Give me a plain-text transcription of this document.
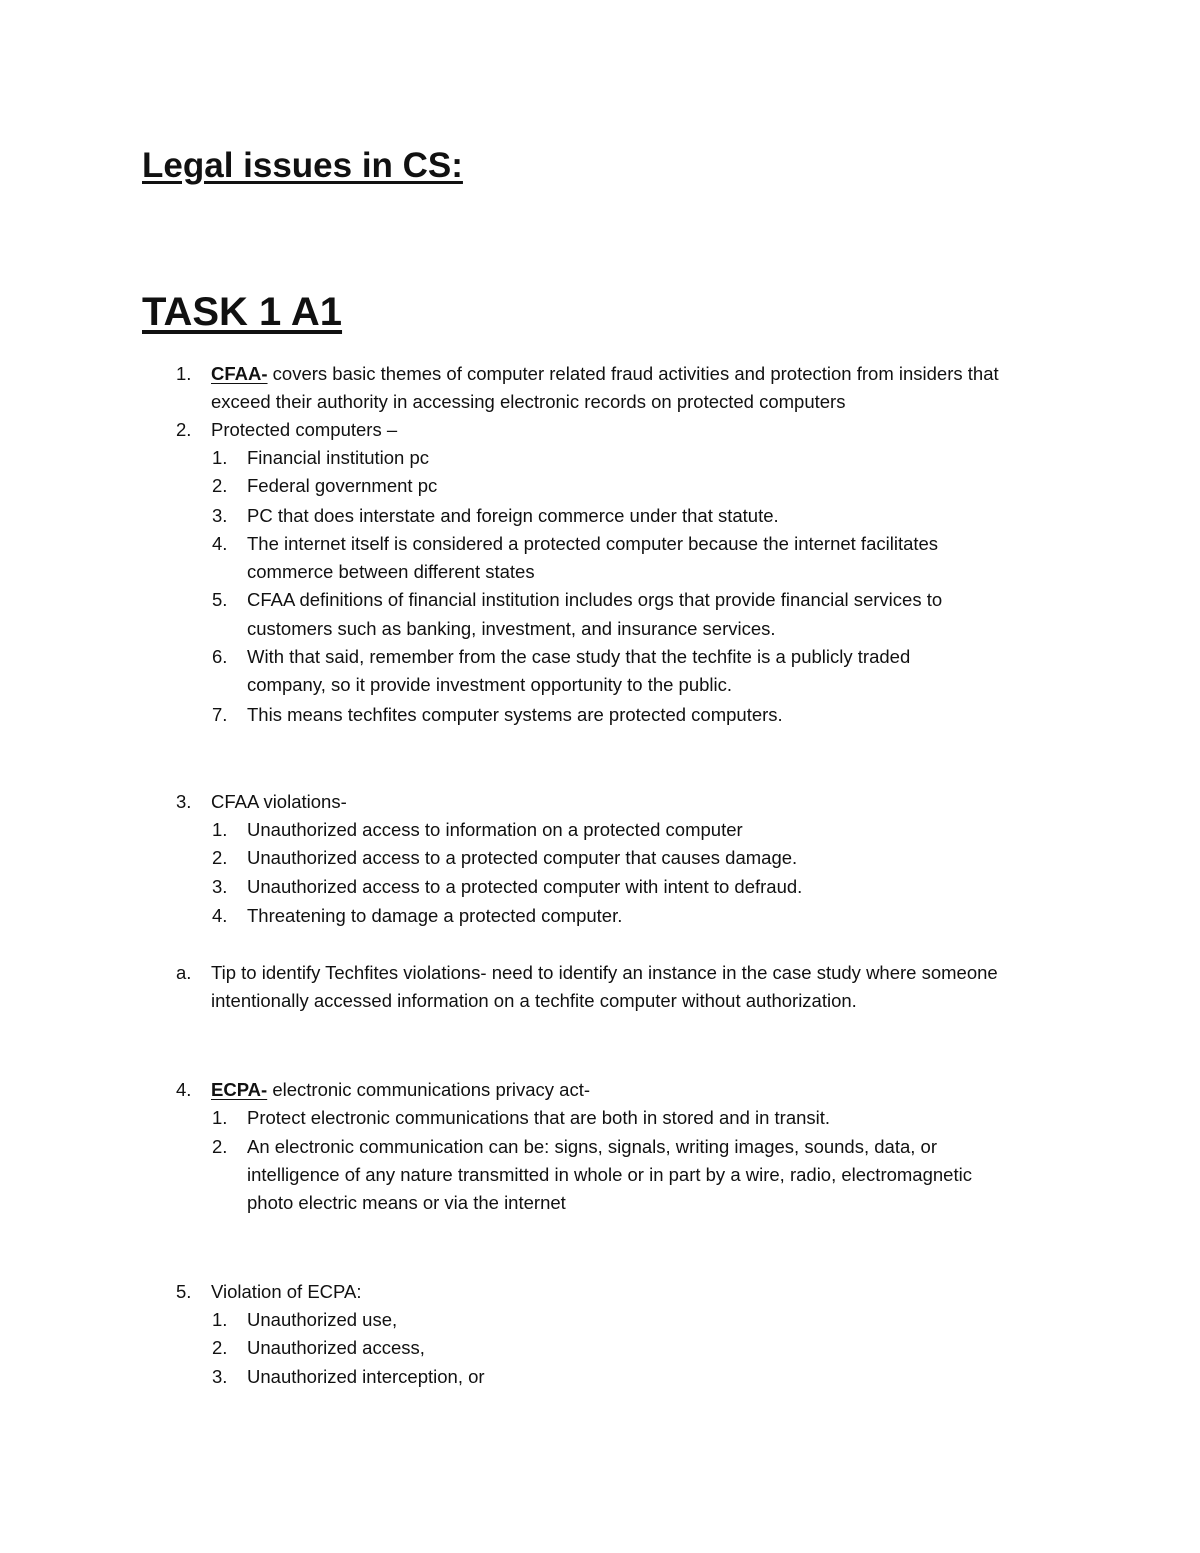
Legal issues in CS:
TASK 1 A1
1. CFAA- covers basic themes of computer related fraud activities and protection from insiders that
exceed their authority in accessing electronic records on protected computers
2. Protected computers –
1. Financial institution pc
2. Federal government pc
3. PC that does interstate and foreign commerce under that statute.
4. The internet itself is considered a protected computer because the internet facilitates
commerce between different states
5. CFAA definitions of financial institution includes orgs that provide financial services to
customers such as banking, investment, and insurance services.
6. With that said, remember from the case study that the techfite is a publicly traded
company, so it provide investment opportunity to the public.
7. This means techfites computer systems are protected computers.
3. CFAA violations-
1. Unauthorized access to information on a protected computer
2. Unauthorized access to a protected computer that causes damage.
3. Unauthorized access to a protected computer with intent to defraud.
4. Threatening to damage a protected computer.
a. Tip to identify Techfites violations- need to identify an instance in the case study where someone
intentionally accessed information on a techfite computer without authorization.
4. ECPA- electronic communications privacy act-
1. Protect electronic communications that are both in stored and in transit.
2. An electronic communication can be: signs, signals, writing images, sounds, data, or
intelligence of any nature transmitted in whole or in part by a wire, radio, electromagnetic
photo electric means or via the internet
5. Violation of ECPA:
1. Unauthorized use,
2. Unauthorized access,
3. Unauthorized interception, or
